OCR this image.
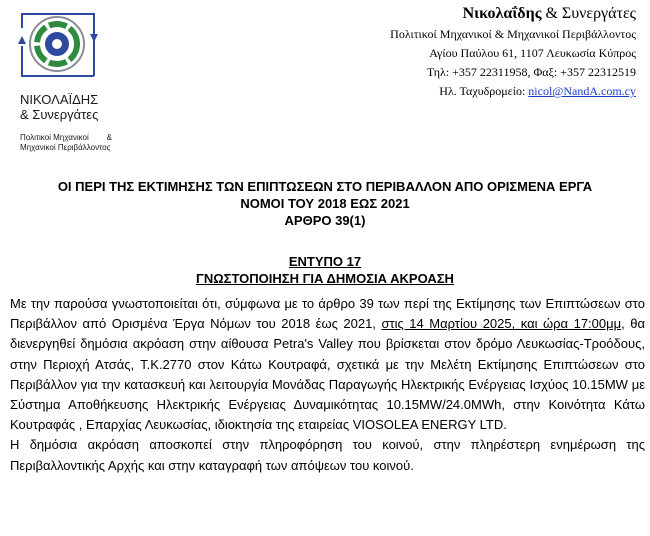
ΝΙΚΟΛΑΪΔΗΣ
& Συνεργάτες
Πολιτικοί Μηχανικοί &
Μηχανικοί Περιβάλλοντος
Νικολαΐδης & Συνεργάτες
Πολιτικοί Μηχανικοί & Μηχανικοί Περιβάλλοντος
Αγίου Παύλου 61, 1107 Λευκωσία Κύπρος
Τηλ: +357 22311958, Φαξ: +357 22312519
Ηλ. Ταχυδρομείο: nicol@NandA.com.cy
ΟΙ ΠΕΡΙ ΤΗΣ ΕΚΤΙΜΗΣΗΣ ΤΩΝ ΕΠΙΠΤΩΣΕΩΝ ΣΤΟ ΠΕΡΙΒΑΛΛΟΝ ΑΠΟ ΟΡΙΣΜΕΝΑ ΕΡΓΑ
ΝΟΜΟΙ ΤΟΥ 2018 ΕΩΣ 2021
ΑΡΘΡΟ 39(1)
ΕΝΤΥΠΟ 17
ΓΝΩΣΤΟΠΟΙΗΣΗ ΓΙΑ ΔΗΜΟΣΙΑ ΑΚΡΟΑΣΗ

Με την παρούσα γνωστοποιείται ότι, σύμφωνα με το άρθρο 39 των περί της Εκτίμησης των Επιπτώσεων στο Περιβάλλον από Ορισμένα Έργα Νόμων του 2018 έως 2021, στις 14 Μαρτίου 2025, και ώρα 17:00μμ, θα διενεργηθεί δημόσια ακρόαση στην αίθουσα Petra's Valley που βρίσκεται στον δρόμο Λευκωσίας-Τροόδους, στην Περιοχή Ατσάς, Τ.Κ.2770 στον Κάτω Κουτραφά, σχετικά με την Μελέτη Εκτίμησης Επιπτώσεων στο Περιβάλλον για την κατασκευή και λειτουργία Μονάδας Παραγωγής Ηλεκτρικής Ενέργειας Ισχύος 10.15MW με Σύστημα Αποθήκευσης Ηλεκτρικής Ενέργειας Δυναμικότητας 10.15MW/24.0MWh, στην Κοινότητα Κάτω Κουτραφάς , Επαρχίας Λευκωσίας, ιδιοκτησία της εταιρείας VIOSOLEA ENERGY LTD.

Η δημόσια ακρόαση αποσκοπεί στην πληροφόρηση του κοινού, στην πληρέστερη ενημέρωση της Περιβαλλοντικής Αρχής και στην καταγραφή των απόψεων του κοινού.
